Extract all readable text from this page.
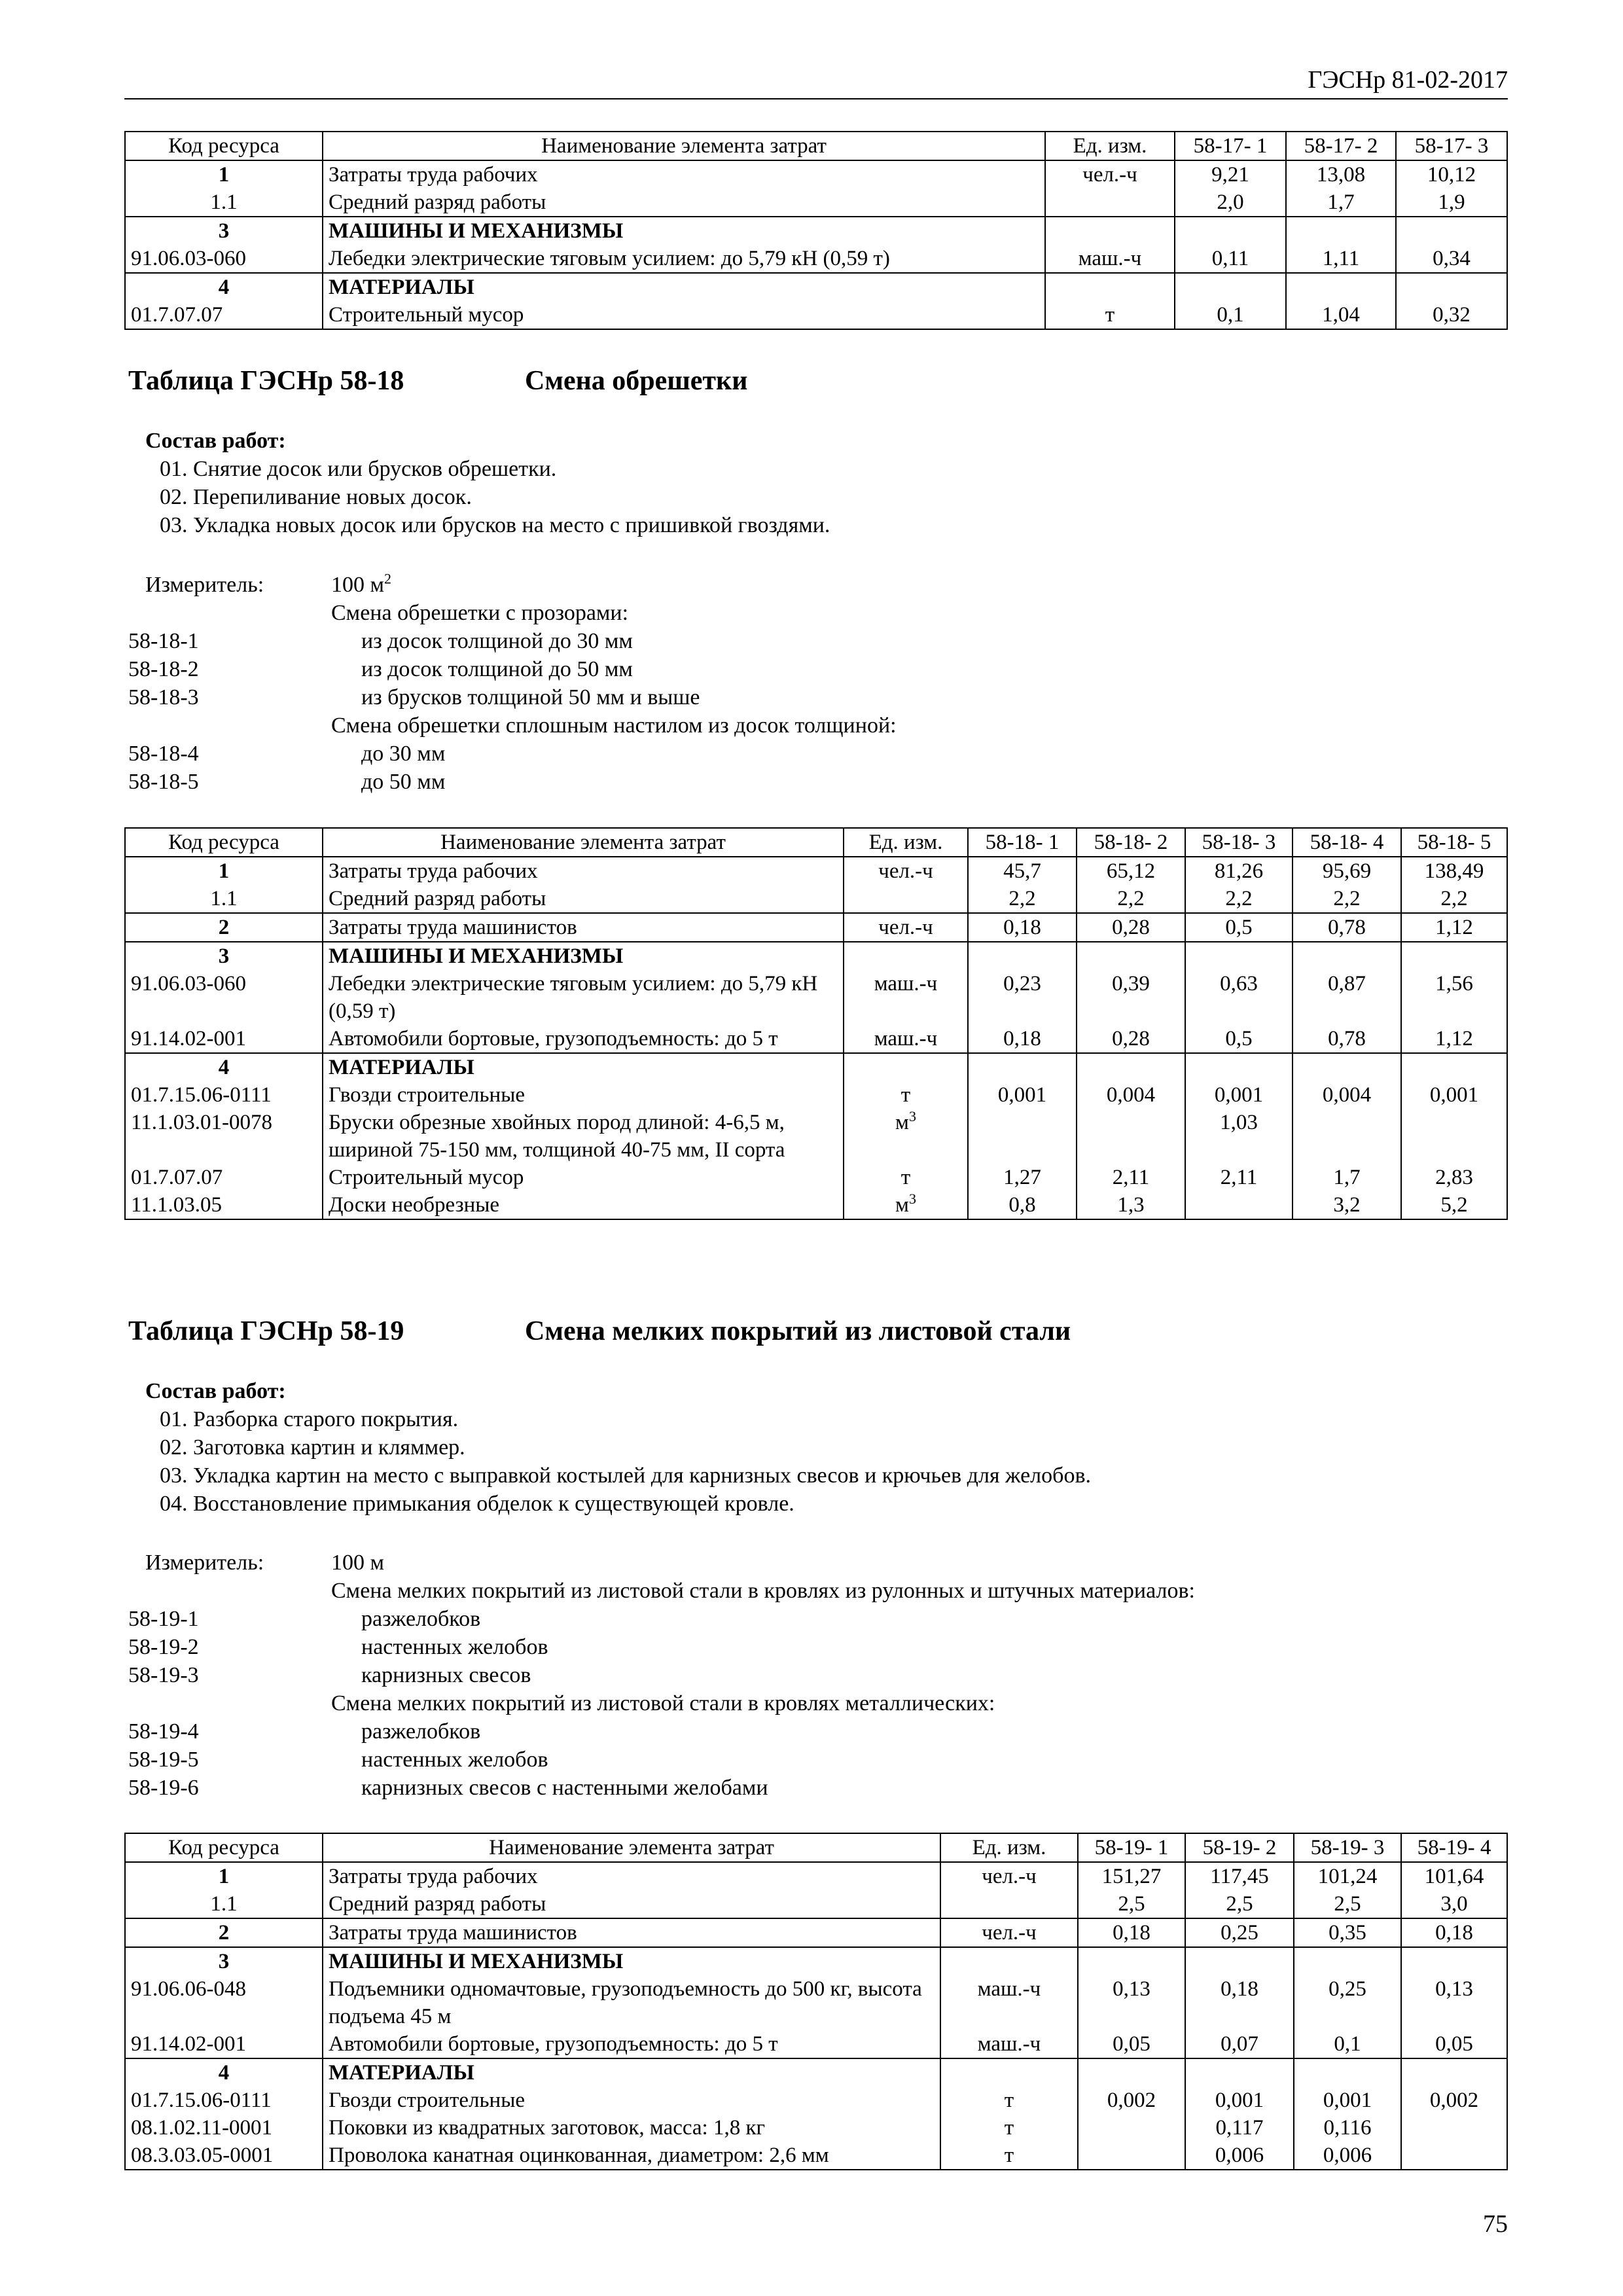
ГЭСНр 81-02-2017
Код ресурса	Наименование элемента затрат	Ед. изм.	58-17- 1	58-17- 2	58-17- 3
1	Затраты труда рабочих	чел.-ч	9,21	13,08	10,12
1.1	Средний разряд работы		2,0	1,7	1,9
3	МАШИНЫ И МЕХАНИЗМЫ				
91.06.03-060	Лебедки электрические тяговым усилием: до 5,79 кН (0,59 т)	маш.-ч	0,11	1,11	0,34
4	МАТЕРИАЛЫ				
01.7.07.07	Строительный мусор	т	0,1	1,04	0,32
Таблица ГЭСНр 58-18	Смена обрешетки
Состав работ:
01. Снятие досок или брусков обрешетки.
02. Перепиливание новых досок.
03. Укладка новых досок или брусков на место с пришивкой гвоздями.
Измеритель:	100 $м^2$
Смена обрешетки с прозорами:
58-18-1	из досок толщиной до 30 мм
58-18-2	из досок толщиной до 50 мм
58-18-3	из брусков толщиной 50 мм и выше
Смена обрешетки сплошным настилом из досок толщиной:
58-18-4	до 30 мм
58-18-5	до 50 мм
Код ресурса	Наименование элемента затрат	Ед. изм.	58-18- 1	58-18- 2	58-18- 3	58-18- 4	58-18- 5
1	Затраты труда рабочих	чел.-ч	45,7	65,12	81,26	95,69	138,49
1.1	Средний разряд работы		2,2	2,2	2,2	2,2	2,2
2	Затраты труда машинистов	чел.-ч	0,18	0,28	0,5	0,78	1,12
3	МАШИНЫ И МЕХАНИЗМЫ						
91.06.03-060	Лебедки электрические тяговым усилием: до 5,79 кН (0,59 т)	маш.-ч	0,23	0,39	0,63	0,87	1,56
91.14.02-001	Автомобили бортовые, грузоподъемность: до 5 т	маш.-ч	0,18	0,28	0,5	0,78	1,12
4	МАТЕРИАЛЫ						
01.7.15.06-0111	Гвозди строительные	т	0,001	0,004	0,001	0,004	0,001
11.1.03.01-0078	Бруски обрезные хвойных пород длиной: 4-6,5 м, шириной 75-150 мм, толщиной 40-75 мм, II сорта	$м^3$			1,03		
01.7.07.07	Строительный мусор	т	1,27	2,11	2,11	1,7	2,83
11.1.03.05	Доски необрезные	$м^3$	0,8	1,3		3,2	5,2
Таблица ГЭСНр 58-19	Смена мелких покрытий из листовой стали
Состав работ:
01. Разборка старого покрытия.
02. Заготовка картин и кляммер.
03. Укладка картин на место с выправкой костылей для карнизных свесов и крючьев для желобов.
04. Восстановление примыкания обделок к существующей кровле.
Измеритель:	100 м
Смена мелких покрытий из листовой стали в кровлях из рулонных и штучных материалов:
58-19-1	разжелобков
58-19-2	настенных желобов
58-19-3	карнизных свесов
Смена мелких покрытий из листовой стали в кровлях металлических:
58-19-4	разжелобков
58-19-5	настенных желобов
58-19-6	карнизных свесов с настенными желобами
Код ресурса	Наименование элемента затрат	Ед. изм.	58-19- 1	58-19- 2	58-19- 3	58-19- 4
1	Затраты труда рабочих	чел.-ч	151,27	117,45	101,24	101,64
1.1	Средний разряд работы		2,5	2,5	2,5	3,0
2	Затраты труда машинистов	чел.-ч	0,18	0,25	0,35	0,18
3	МАШИНЫ И МЕХАНИЗМЫ					
91.06.06-048	Подъемники одномачтовые, грузоподъемность до 500 кг, высота подъема 45 м	маш.-ч	0,13	0,18	0,25	0,13
91.14.02-001	Автомобили бортовые, грузоподъемность: до 5 т	маш.-ч	0,05	0,07	0,1	0,05
4	МАТЕРИАЛЫ					
01.7.15.06-0111	Гвозди строительные	т	0,002	0,001	0,001	0,002
08.1.02.11-0001	Поковки из квадратных заготовок, масса: 1,8 кг	т		0,117	0,116	
08.3.03.05-0001	Проволока канатная оцинкованная, диаметром: 2,6 мм	т		0,006	0,006	
75
